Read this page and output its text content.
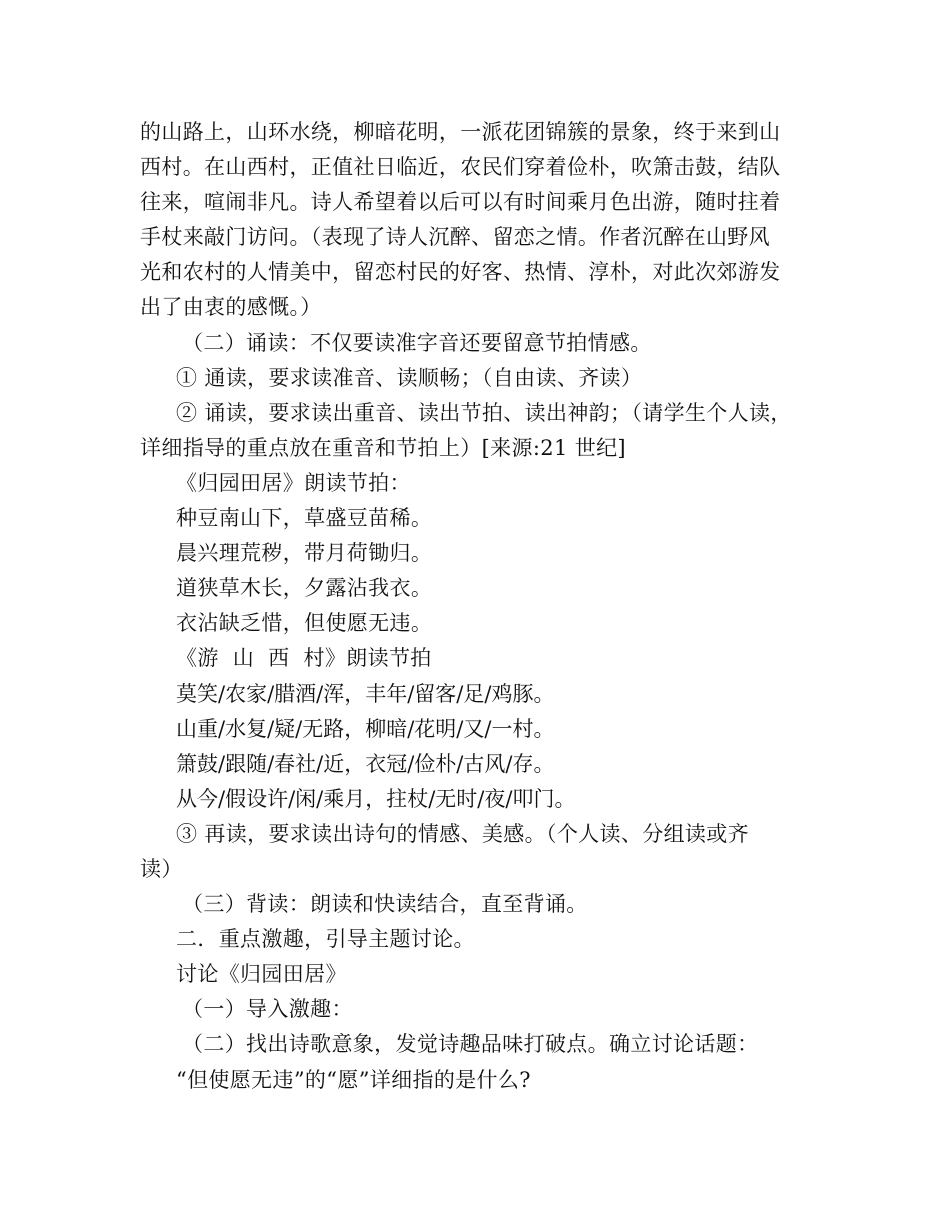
的山路上，山环水绕，柳暗花明，一派花团锦簇的景象，终于来到山
西村。在山西村，正值社日临近，农民们穿着俭朴，吹箫击鼓，结队
往来，喧闹非凡。诗人希望着以后可以有时间乘月色出游，随时拄着
手杖来敲门访问。（表现了诗人沉醉、留恋之情。作者沉醉在山野风
光和农村的人情美中，留恋村民的好客、热情、淳朴，对此次郊游发
出了由衷的感慨。）
（二）诵读：不仅要读准字音还要留意节拍情感。
① 通读，要求读准音、读顺畅；（自由读、齐读）
② 诵读，要求读出重音、读出节拍、读出神韵；（请学生个人读，
详细指导的重点放在重音和节拍上）[来源:21 世纪]
《归园田居》朗读节拍：
种豆南山下，草盛豆苗稀。
晨兴理荒秽，带月荷锄归。
道狭草木长，夕露沾我衣。
衣沾缺乏惜，但使愿无违。
《游  山  西  村》朗读节拍
莫笑/农家/腊酒/浑，丰年/留客/足/鸡豚。
山重/水复/疑/无路，柳暗/花明/又/一村。
箫鼓/跟随/春社/近，衣冠/俭朴/古风/存。
从今/假设许/闲/乘月，拄杖/无时/夜/叩门。
③ 再读，要求读出诗句的情感、美感。（个人读、分组读或齐
读）
（三）背读：朗读和快读结合，直至背诵。
二．重点激趣，引导主题讨论。
讨论《归园田居》
（一）导入激趣：
（二）找出诗歌意象，发觉诗趣品味打破点。确立讨论话题：
“但使愿无违”的“愿”详细指的是什么?
